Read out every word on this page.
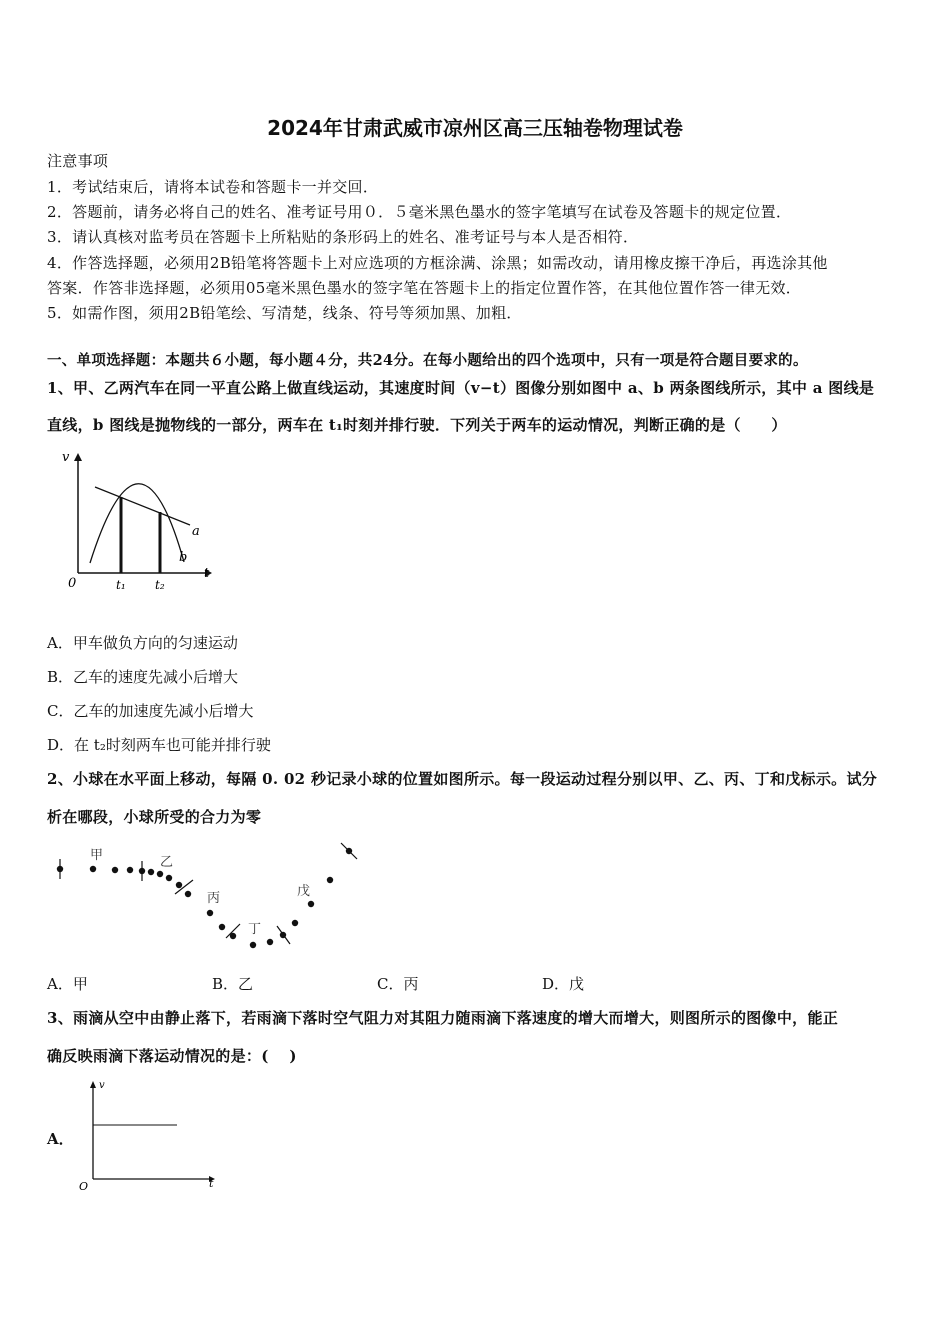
2024年甘肃武威市凉州区高三压轴卷物理试卷
注意事项
1．考试结束后，请将本试卷和答题卡一并交回．
2．答题前，请务必将自己的姓名、准考证号用０．５毫米黑色墨水的签字笔填写在试卷及答题卡的规定位置．
3．请认真核对监考员在答题卡上所粘贴的条形码上的姓名、准考证号与本人是否相符．
4．作答选择题，必须用2B铅笔将答题卡上对应选项的方框涂满、涂黑；如需改动，请用橡皮擦干净后，再选涂其他
答案．作答非选择题，必须用05毫米黑色墨水的签字笔在答题卡上的指定位置作答，在其他位置作答一律无效．
5．如需作图，须用2B铅笔绘、写清楚，线条、符号等须加黑、加粗．
一、单项选择题：本题共６小题，每小题４分，共24分。在每小题给出的四个选项中，只有一项是符合题目要求的。
1、甲、乙两汽车在同一平直公路上做直线运动，其速度时间（v−t）图像分别如图中 a、b 两条图线所示，其中 a 图线是
直线，b 图线是抛物线的一部分，两车在 t₁时刻并排行驶．下列关于两车的运动情况，判断正确的是（　　）
v
t
0	t₁ t₂
a
b
A．甲车做负方向的匀速运动
B．乙车的速度先减小后增大
C．乙车的加速度先减小后增大
D．在 t₂时刻两车也可能并排行驶
2、小球在水平面上移动，每隔 0. 02 秒记录小球的位置如图所示。每一段运动过程分别以甲、乙、丙、丁和戊标示。试分
析在哪段，小球所受的合力为零
甲	乙
丙
丁
戊
A．甲	B．乙	C．丙	D．戊
3、雨滴从空中由静止落下，若雨滴下落时空气阻力对其阻力随雨滴下落速度的增大而增大，则图所示的图像中，能正
确反映雨滴下落运动情况的是：(　 )
A．
v
t
O
